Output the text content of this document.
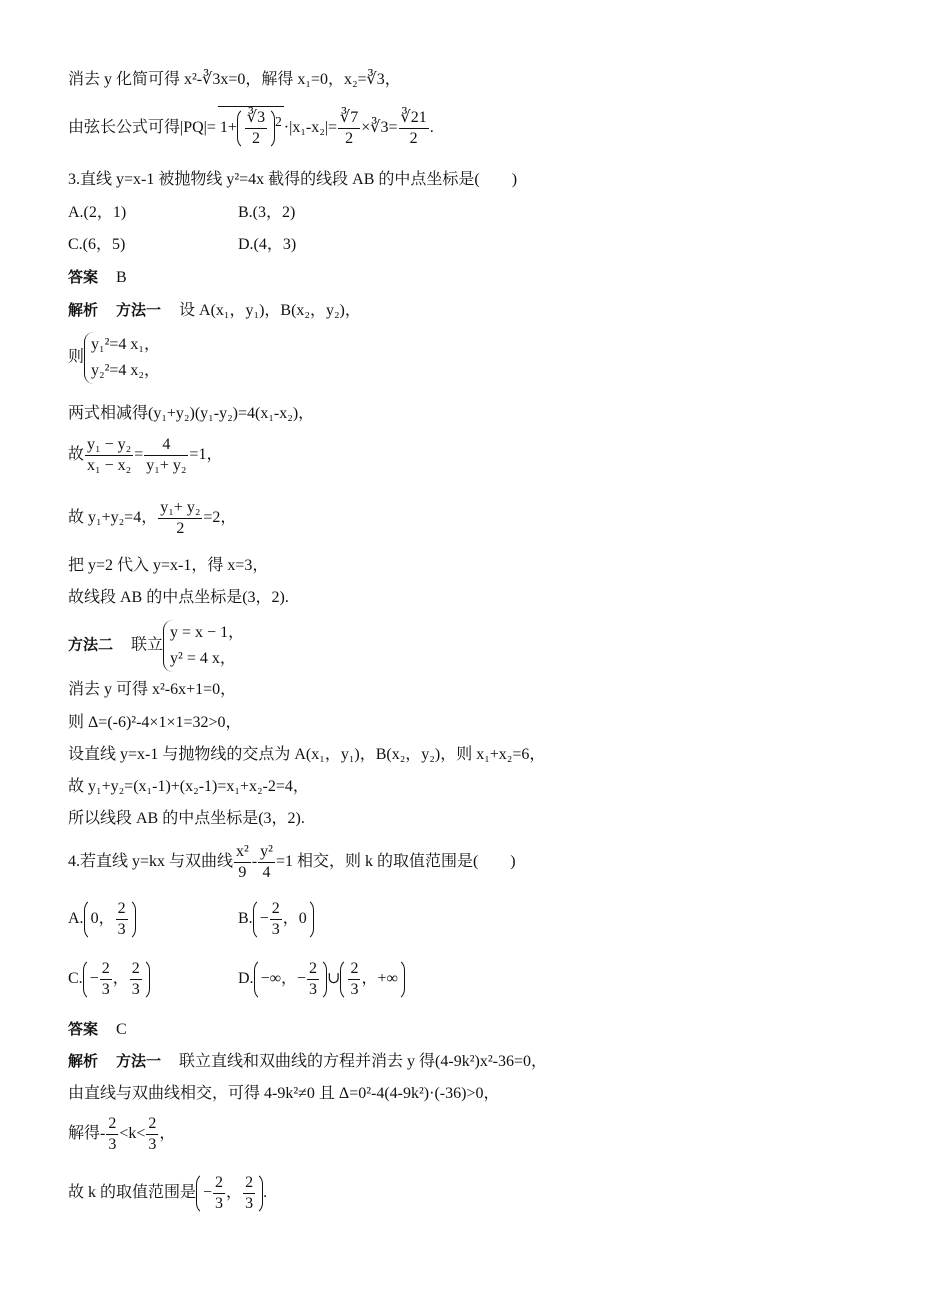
消去 y 化简可得 x²-∛3x=0，解得 x₁=0，x₂=∛3，
由弦长公式可得$|PQ|= 1+ \frac{∛3}{2} ^2 \cdot|x_1-x_2|= \frac{∛7}{2}$ ×∛3= $\frac{∛21}{2}$ .
3.直线 y=x-1 被抛物线 y²=4x 截得的线段 AB 的中点坐标是(　　)
A.(2，1)	B.(3，2)
C.(6，5)	D.(4，3)
答案 B
解析 方法一 设 A(x₁，y₁)，B(x₂，y₂)，
则
y₁²=4 x₁，
y₂²=4 x₂，
两式相减得(y₁+y₂)(y₁-y₂)=4(x₁-x₂)，
故 $\frac{\text{y₁ − y₂}}{\text{x₁ − x₂}} = \frac{4}{\text{y₁+ y₂}} =1$，
故 y₁+y₂=4， $\frac{\text{y₁+ y₂}}{2} =2$，
把 y=2 代入 y=x-1，得 x=3，
故线段 AB 的中点坐标是(3，2).
方法二 联立
y = x − 1，
y² = 4 x，
消去 y 可得 x²-6x+1=0，
则 Δ=(-6)²-4×1×1=32>0，
设直线 y=x-1 与抛物线的交点为 A(x₁，y₁)，B(x₂，y₂)，则 x₁+x₂=6，
故 y₁+y₂=(x₁-1)+(x₂-1)=x₁+x₂-2=4，
所以线段 AB 的中点坐标是(3，2).
4.若直线 y=kx 与双曲线 $\frac{\text{x²}}{9} - \frac{\text{y²}}{4} =1$ 相交，则 k 的取值范围是(　　)
A. 0， $\frac{2}{3}$	B. − $\frac{2}{3}$ ，0
C. − $\frac{2}{3}$ ， $\frac{2}{3}$	D. −∞，− $\frac{2}{3}$ ∪ $\frac{2}{3}$ ，+∞
答案 C
解析 方法一 联立直线和双曲线的方程并消去 y 得(4-9k²)x²-36=0，
由直线与双曲线相交，可得 4-9k²≠0 且 Δ=0²-4(4-9k²)·(-36)>0，
解得- $\frac{2}{3} <k< \frac{2}{3}$ ，
故 k 的取值范围是 − $\frac{2}{3}$ ， $\frac{2}{3}$ .
